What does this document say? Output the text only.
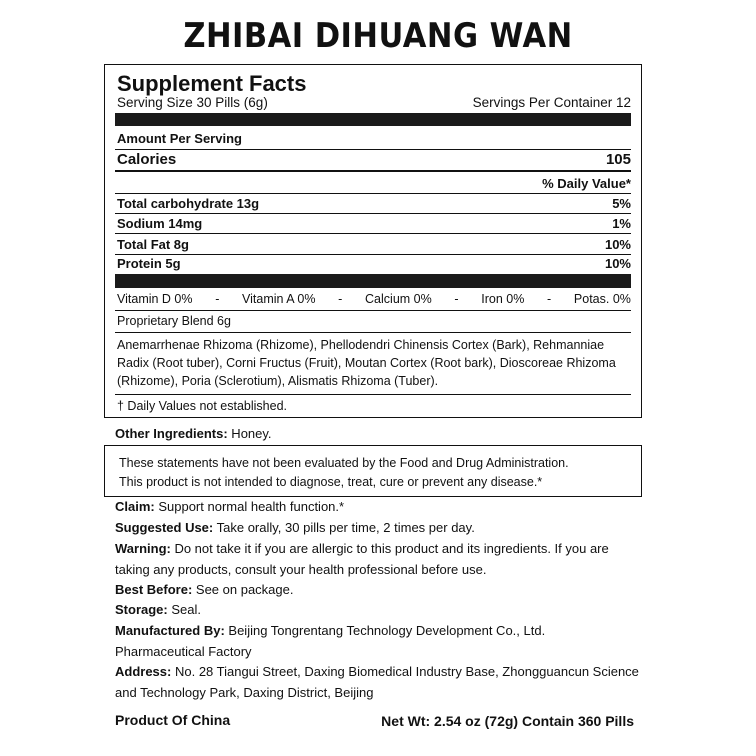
ZHIBAI DIHUANG WAN
Supplement Facts
Serving Size 30 Pills (6g)	Servings Per Container 12
Amount Per Serving
Calories	105
% Daily Value*
Total carbohydrate 13g	5%
Sodium 14mg	1%
Total Fat 8g	10%
Protein 5g	10%
Vitamin D 0% - Vitamin A 0% - Calcium 0% - Iron 0% - Potas. 0%
Proprietary Blend 6g
Anemarrhenae Rhizoma (Rhizome), Phellodendri Chinensis Cortex (Bark), Rehmanniae Radix (Root tuber), Corni Fructus (Fruit), Moutan Cortex (Root bark), Dioscoreae Rhizoma (Rhizome), Poria (Sclerotium), Alismatis Rhizoma (Tuber).
† Daily Values not established.
Other Ingredients: Honey.
These statements have not been evaluated by the Food and Drug Administration.
This product is not intended to diagnose, treat, cure or prevent any disease.*

Claim: Support normal health function.*

Suggested Use: Take orally, 30 pills per time, 2 times per day.

Warning: Do not take it if you are allergic to this product and its ingredients. If you are taking any products, consult your health professional before use.

Best Before: See on package.

Storage: Seal.

Manufactured By: Beijing Tongrentang Technology Development Co., Ltd. Pharmaceutical Factory

Address: No. 28 Tiangui Street, Daxing Biomedical Industry Base, Zhongguancun Science and Technology Park, Daxing District, Beijing

Product Of China	Net Wt: 2.54 oz (72g) Contain 360 Pills
